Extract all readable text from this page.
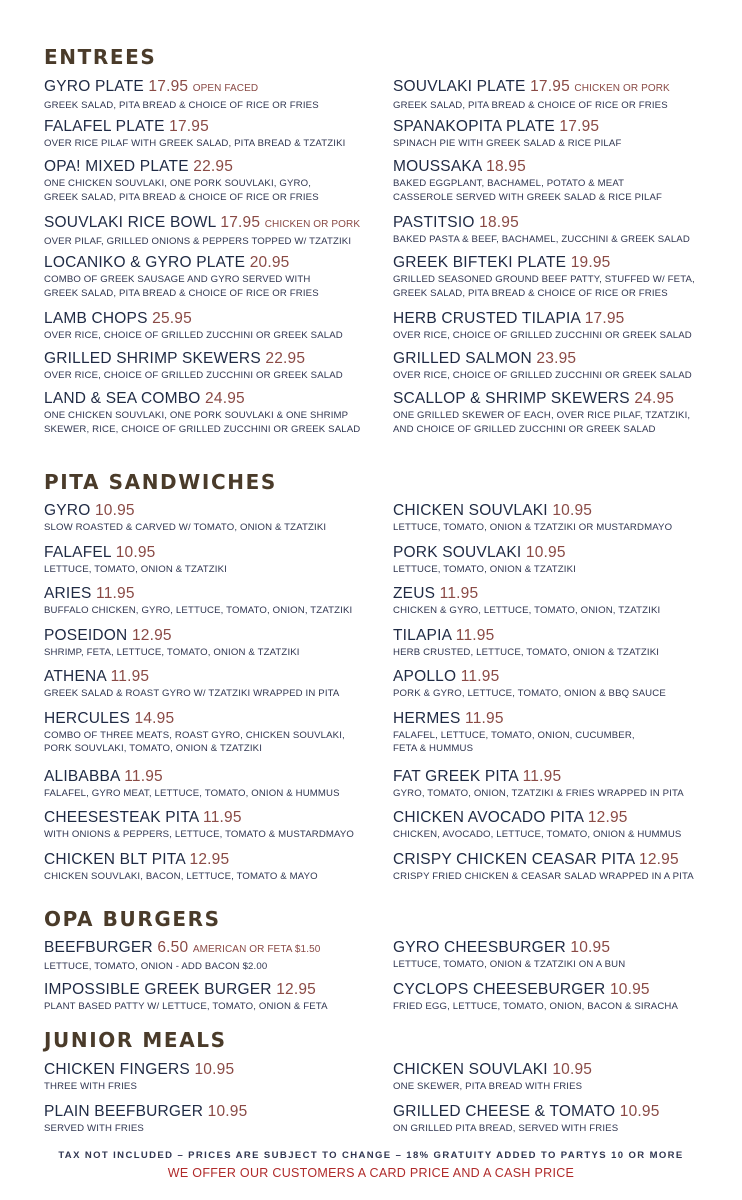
ENTREES
GYRO PLATE 17.95 OPEN FACED
GREEK SALAD, PITA BREAD & CHOICE OF RICE OR FRIES
FALAFEL PLATE 17.95
OVER RICE PILAF WITH GREEK SALAD, PITA BREAD & TZATZIKI
OPA! MIXED PLATE 22.95
ONE CHICKEN SOUVLAKI, ONE PORK SOUVLAKI, GYRO,
GREEK SALAD, PITA BREAD & CHOICE OF RICE OR FRIES
SOUVLAKI RICE BOWL 17.95 CHICKEN OR PORK
OVER PILAF, GRILLED ONIONS & PEPPERS TOPPED W/ TZATZIKI
LOCANIKO & GYRO PLATE 20.95
COMBO OF GREEK SAUSAGE AND GYRO SERVED WITH
GREEK SALAD, PITA BREAD & CHOICE OF RICE OR FRIES
LAMB CHOPS 25.95
OVER RICE, CHOICE OF GRILLED ZUCCHINI OR GREEK SALAD
GRILLED SHRIMP SKEWERS 22.95
OVER RICE, CHOICE OF GRILLED ZUCCHINI OR GREEK SALAD
LAND & SEA COMBO 24.95
ONE CHICKEN SOUVLAKI, ONE PORK SOUVLAKI & ONE SHRIMP
SKEWER, RICE, CHOICE OF GRILLED ZUCCHINI OR GREEK SALAD
SOUVLAKI PLATE 17.95 CHICKEN OR PORK
GREEK SALAD, PITA BREAD & CHOICE OF RICE OR FRIES
SPANAKOPITA PLATE 17.95
SPINACH PIE WITH GREEK SALAD & RICE PILAF
MOUSSAKA 18.95
BAKED EGGPLANT, BACHAMEL, POTATO & MEAT
CASSEROLE SERVED WITH GREEK SALAD & RICE PILAF
PASTITSIO 18.95
BAKED PASTA & BEEF, BACHAMEL, ZUCCHINI & GREEK SALAD
GREEK BIFTEKI PLATE 19.95
GRILLED SEASONED GROUND BEEF PATTY, STUFFED W/ FETA,
GREEK SALAD, PITA BREAD & CHOICE OF RICE OR FRIES
HERB CRUSTED TILAPIA 17.95
OVER RICE, CHOICE OF GRILLED ZUCCHINI OR GREEK SALAD
GRILLED SALMON 23.95
OVER RICE, CHOICE OF GRILLED ZUCCHINI OR GREEK SALAD
SCALLOP & SHRIMP SKEWERS 24.95
ONE GRILLED SKEWER OF EACH, OVER RICE PILAF, TZATZIKI,
AND CHOICE OF GRILLED ZUCCHINI OR GREEK SALAD
PITA SANDWICHES
GYRO 10.95
SLOW ROASTED & CARVED W/ TOMATO, ONION & TZATZIKI
FALAFEL 10.95
LETTUCE, TOMATO, ONION & TZATZIKI
ARIES 11.95
BUFFALO CHICKEN, GYRO, LETTUCE, TOMATO, ONION, TZATZIKI
POSEIDON 12.95
SHRIMP, FETA, LETTUCE, TOMATO, ONION & TZATZIKI
ATHENA 11.95
GREEK SALAD & ROAST GYRO W/ TZATZIKI WRAPPED IN PITA
HERCULES 14.95
COMBO OF THREE MEATS, ROAST GYRO, CHICKEN SOUVLAKI,
PORK SOUVLAKI, TOMATO, ONION & TZATZIKI
ALIBABBA 11.95
FALAFEL, GYRO MEAT, LETTUCE, TOMATO, ONION & HUMMUS
CHEESESTEAK PITA 11.95
WITH ONIONS & PEPPERS, LETTUCE, TOMATO & MUSTARDMAYO
CHICKEN BLT PITA 12.95
CHICKEN SOUVLAKI, BACON, LETTUCE, TOMATO & MAYO
CHICKEN SOUVLAKI 10.95
LETTUCE, TOMATO, ONION & TZATZIKI OR MUSTARDMAYO
PORK SOUVLAKI 10.95
LETTUCE, TOMATO, ONION & TZATZIKI
ZEUS 11.95
CHICKEN & GYRO, LETTUCE, TOMATO, ONION, TZATZIKI
TILAPIA 11.95
HERB CRUSTED, LETTUCE, TOMATO, ONION & TZATZIKI
APOLLO 11.95
PORK & GYRO, LETTUCE, TOMATO, ONION & BBQ SAUCE
HERMES 11.95
FALAFEL, LETTUCE, TOMATO, ONION, CUCUMBER,
FETA & HUMMUS
FAT GREEK PITA 11.95
GYRO, TOMATO, ONION, TZATZIKI & FRIES WRAPPED IN PITA
CHICKEN AVOCADO PITA 12.95
CHICKEN, AVOCADO, LETTUCE, TOMATO, ONION & HUMMUS
CRISPY CHICKEN CEASAR PITA 12.95
CRISPY FRIED CHICKEN & CEASAR SALAD WRAPPED IN A PITA
OPA BURGERS
BEEFBURGER 6.50 AMERICAN OR FETA $1.50
LETTUCE, TOMATO, ONION - ADD BACON $2.00
IMPOSSIBLE GREEK BURGER 12.95
PLANT BASED PATTY W/ LETTUCE, TOMATO, ONION & FETA
GYRO CHEESBURGER 10.95
LETTUCE, TOMATO, ONION & TZATZIKI ON A BUN
CYCLOPS CHEESEBURGER 10.95
FRIED EGG, LETTUCE, TOMATO, ONION, BACON & SIRACHA
JUNIOR MEALS
CHICKEN FINGERS 10.95
THREE WITH FRIES
PLAIN BEEFBURGER 10.95
SERVED WITH FRIES
CHICKEN SOUVLAKI 10.95
ONE SKEWER, PITA BREAD WITH FRIES
GRILLED CHEESE & TOMATO 10.95
ON GRILLED PITA BREAD, SERVED WITH FRIES
TAX NOT INCLUDED – PRICES ARE SUBJECT TO CHANGE – 18% GRATUITY ADDED TO PARTYS 10 OR MORE
WE OFFER OUR CUSTOMERS A CARD PRICE AND A CASH PRICE
